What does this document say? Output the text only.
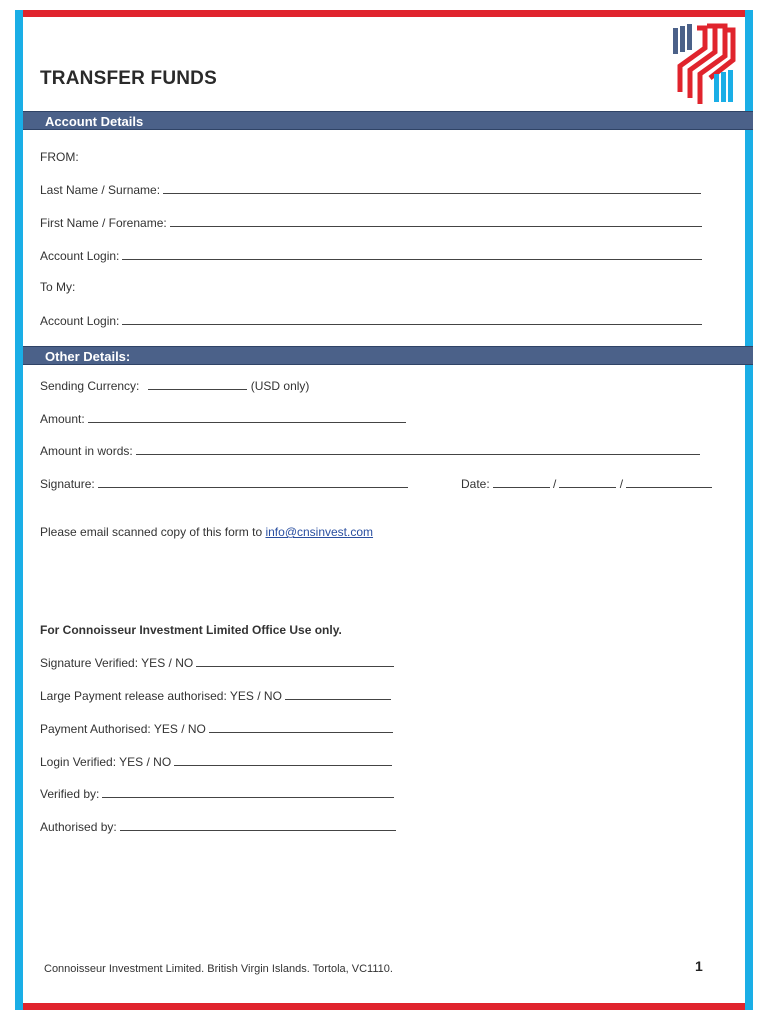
TRANSFER FUNDS
Account Details
FROM:
Last Name / Surname:
First Name / Forename:
Account Login:
To My:
Account Login:
Other Details:
Sending Currency:	(USD only)
Amount:
Amount in words:
Signature:	Date:	/	/
Please email scanned copy of this form to info@cnsinvest.com
For Connoisseur Investment Limited Office Use only.
Signature Verified: YES / NO
Large Payment release authorised: YES / NO
Payment Authorised: YES / NO
Login Verified: YES / NO
Verified by:
Authorised by:
Connoisseur Investment Limited. British Virgin Islands. Tortola, VC1110.	1
